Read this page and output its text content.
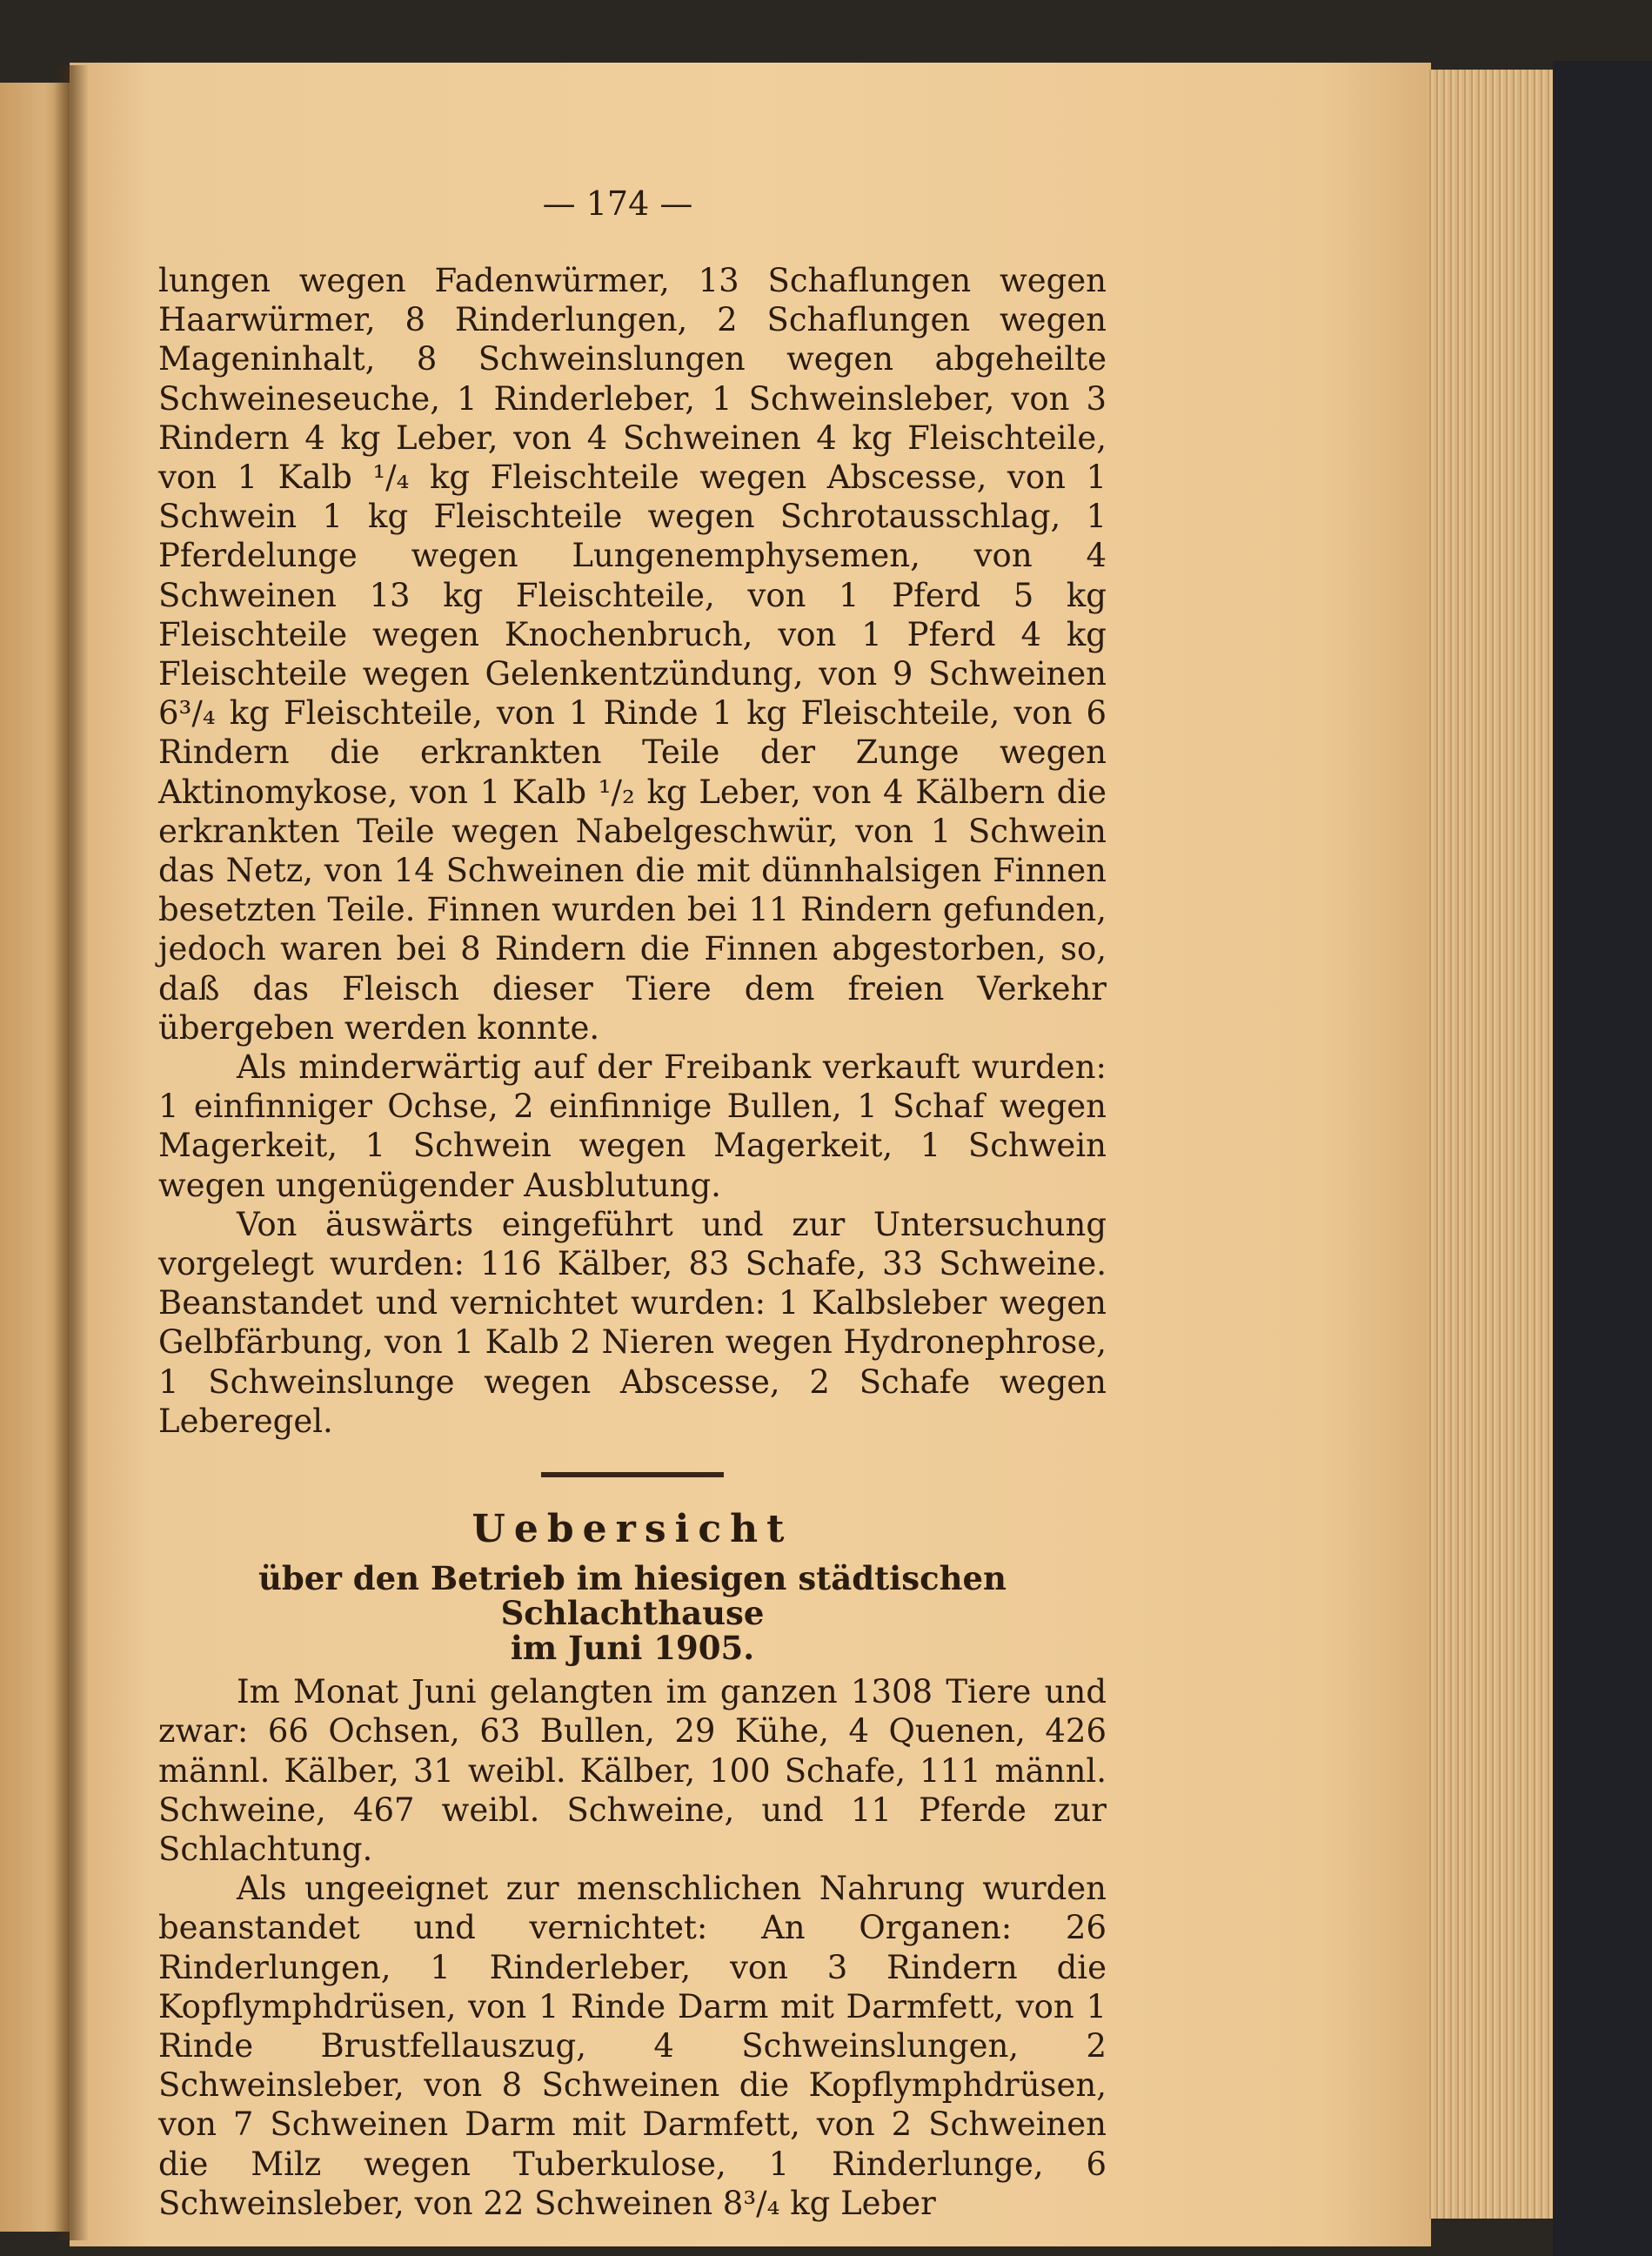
— 174 —

lungen wegen Fadenwürmer, 13 Schaflungen wegen Haarwürmer, 8 Rinderlungen, 2 Schaflungen wegen Mageninhalt, 8 Schweinslungen wegen abgeheilte Schweineseuche, 1 Rinderleber, 1 Schweinsleber, von 3 Rindern 4 kg Leber, von 4 Schweinen 4 kg Fleischteile, von 1 Kalb ¹/₄ kg Fleischteile wegen Abscesse, von 1 Schwein 1 kg Fleischteile wegen Schrotausschlag, 1 Pferdelunge wegen Lungenemphysemen, von 4 Schweinen 13 kg Fleischteile, von 1 Pferd 5 kg Fleischteile wegen Knochenbruch, von 1 Pferd 4 kg Fleischteile wegen Gelenkentzündung, von 9 Schweinen 6³/₄ kg Fleischteile, von 1 Rinde 1 kg Fleischteile, von 6 Rindern die erkrankten Teile der Zunge wegen Aktinomykose, von 1 Kalb ¹/₂ kg Leber, von 4 Kälbern die erkrankten Teile wegen Nabelgeschwür, von 1 Schwein das Netz, von 14 Schweinen die mit dünnhalsigen Finnen besetzten Teile. Finnen wurden bei 11 Rindern gefunden, jedoch waren bei 8 Rindern die Finnen abgestorben, so, daß das Fleisch dieser Tiere dem freien Verkehr übergeben werden konnte.

Als minderwärtig auf der Freibank verkauft wurden: 1 einfinniger Ochse, 2 einfinnige Bullen, 1 Schaf wegen Magerkeit, 1 Schwein wegen Magerkeit, 1 Schwein wegen ungenügender Ausblutung.

Von äuswärts eingeführt und zur Untersuchung vorgelegt wurden: 116 Kälber, 83 Schafe, 33 Schweine. Beanstandet und vernichtet wurden: 1 Kalbsleber wegen Gelbfärbung, von 1 Kalb 2 Nieren wegen Hydronephrose, 1 Schweinslunge wegen Abscesse, 2 Schafe wegen Leberegel.

Uebersicht

über den Betrieb im hiesigen städtischen Schlachthause

im Juni 1905.

Im Monat Juni gelangten im ganzen 1308 Tiere und zwar: 66 Ochsen, 63 Bullen, 29 Kühe, 4 Quenen, 426 männl. Kälber, 31 weibl. Kälber, 100 Schafe, 111 männl. Schweine, 467 weibl. Schweine, und 11 Pferde zur Schlachtung.

Als ungeeignet zur menschlichen Nahrung wurden beanstandet und vernichtet: An Organen: 26 Rinderlungen, 1 Rinderleber, von 3 Rindern die Kopflymphdrüsen, von 1 Rinde Darm mit Darmfett, von 1 Rinde Brustfellauszug, 4 Schweinslungen, 2 Schweinsleber, von 8 Schweinen die Kopflymphdrüsen, von 7 Schweinen Darm mit Darmfett, von 2 Schweinen die Milz wegen Tuberkulose, 1 Rinderlunge, 6 Schweinsleber, von 22 Schweinen 8³/₄ kg Leber
